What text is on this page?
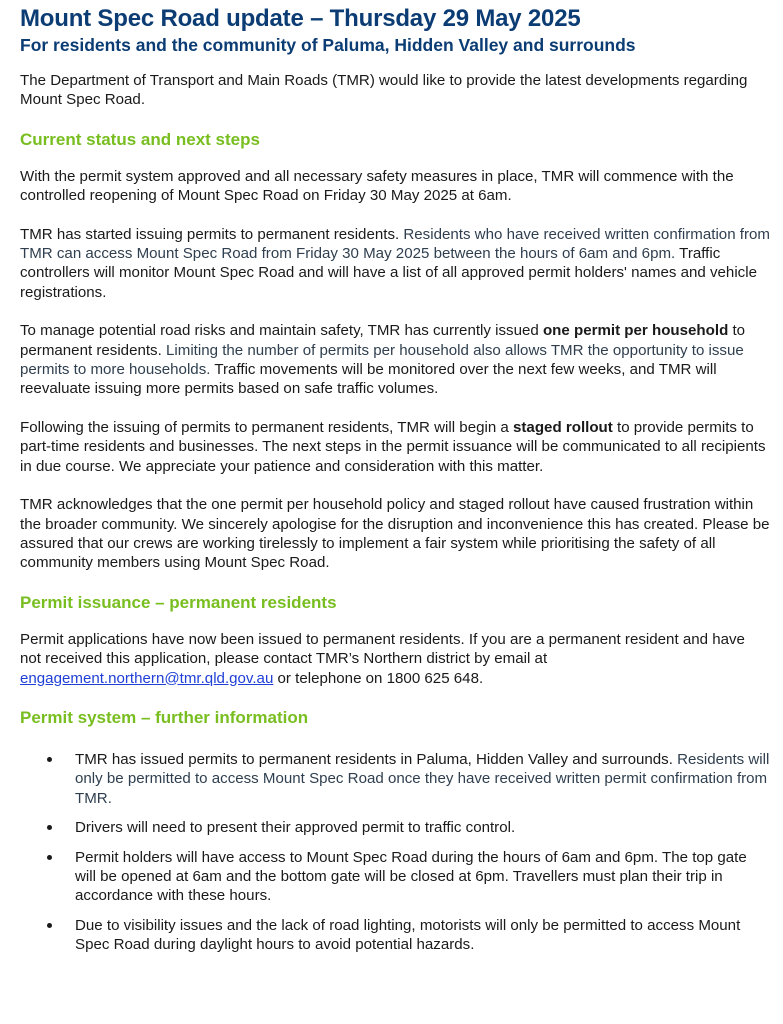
Mount Spec Road update – Thursday 29 May 2025
For residents and the community of Paluma, Hidden Valley and surrounds

The Department of Transport and Main Roads (TMR) would like to provide the latest developments regarding Mount Spec Road.

Current status and next steps

With the permit system approved and all necessary safety measures in place, TMR will commence with the controlled reopening of Mount Spec Road on Friday 30 May 2025 at 6am.

TMR has started issuing permits to permanent residents. Residents who have received written confirmation from TMR can access Mount Spec Road from Friday 30 May 2025 between the hours of 6am and 6pm. Traffic controllers will monitor Mount Spec Road and will have a list of all approved permit holders' names and vehicle registrations.

To manage potential road risks and maintain safety, TMR has currently issued one permit per household to permanent residents. Limiting the number of permits per household also allows TMR the opportunity to issue permits to more households. Traffic movements will be monitored over the next few weeks, and TMR will reevaluate issuing more permits based on safe traffic volumes.

Following the issuing of permits to permanent residents, TMR will begin a staged rollout to provide permits to part-time residents and businesses. The next steps in the permit issuance will be communicated to all recipients in due course. We appreciate your patience and consideration with this matter.

TMR acknowledges that the one permit per household policy and staged rollout have caused frustration within the broader community. We sincerely apologise for the disruption and inconvenience this has created. Please be assured that our crews are working tirelessly to implement a fair system while prioritising the safety of all community members using Mount Spec Road.

Permit issuance – permanent residents

Permit applications have now been issued to permanent residents. If you are a permanent resident and have not received this application, please contact TMR’s Northern district by email at engagement.northern@tmr.qld.gov.au or telephone on 1800 625 648.

Permit system – further information
TMR has issued permits to permanent residents in Paluma, Hidden Valley and surrounds. Residents will only be permitted to access Mount Spec Road once they have received written permit confirmation from TMR.
Drivers will need to present their approved permit to traffic control.
Permit holders will have access to Mount Spec Road during the hours of 6am and 6pm. The top gate will be opened at 6am and the bottom gate will be closed at 6pm. Travellers must plan their trip in accordance with these hours.
Due to visibility issues and the lack of road lighting, motorists will only be permitted to access Mount Spec Road during daylight hours to avoid potential hazards.
